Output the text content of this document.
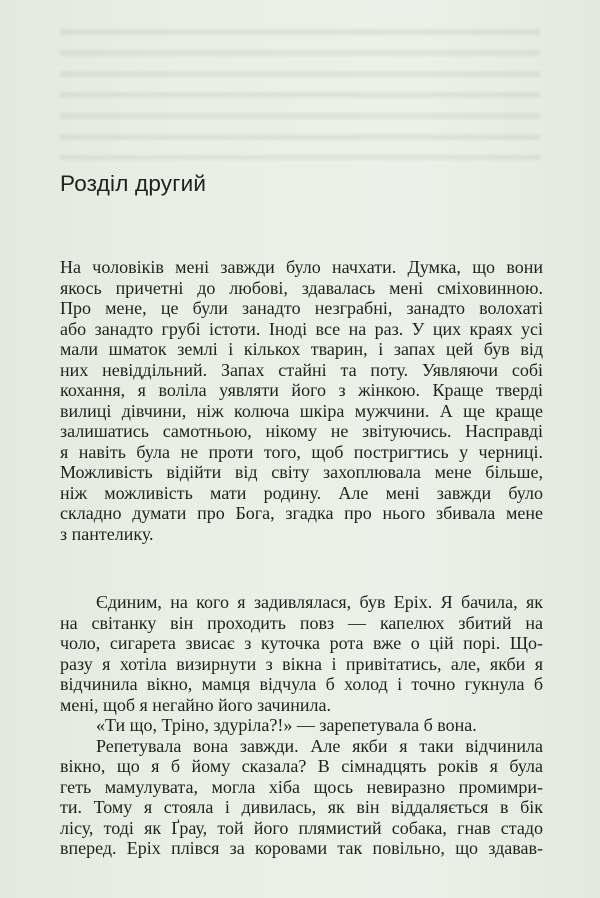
Розділ другий
На чоловіків мені завжди було начхати. Думка, що вони
якось причетні до любові, здавалась мені сміховинною.
Про мене, це були занадто незграбні, занадто волохаті
або занадто грубі істоти. Іноді все на раз. У цих краях усі
мали шматок землі і кількох тварин, і запах цей був від
них невіддільний. Запах стайні та поту. Уявляючи собі
кохання, я воліла уявляти його з жінкою. Краще тверді
вилиці дівчини, ніж колюча шкіра мужчини. А ще краще
залишатись самотньою, нікому не звітуючись. Насправді
я навіть була не проти того, щоб постригтись у черниці.
Можливість відійти від світу захоплювала мене більше,
ніж можливість мати родину. Але мені завжди було
складно думати про Бога, згадка про нього збивала мене
з пантелику.
Єдиним, на кого я задивлялася, був Еріх. Я бачила, як
на світанку він проходить повз — капелюх збитий на
чоло, сигарета звисає з куточка рота вже о цій порі. Що-
разу я хотіла визирнути з вікна і привітатись, але, якби я
відчинила вікно, мамця відчула б холод і точно гукнула б
мені, щоб я негайно його зачинила.
«Ти що, Тріно, здуріла?!» — зарепетувала б вона.
Репетувала вона завжди. Але якби я таки відчинила
вікно, що я б йому сказала? В сімнадцять років я була
геть мамулувата, могла хіба щось невиразно промимри-
ти. Тому я стояла і дивилась, як він віддаляється в бік
лісу, тоді як Ґрау, той його плямистий собака, гнав стадо
вперед. Еріх плівся за коровами так повільно, що здавав-
